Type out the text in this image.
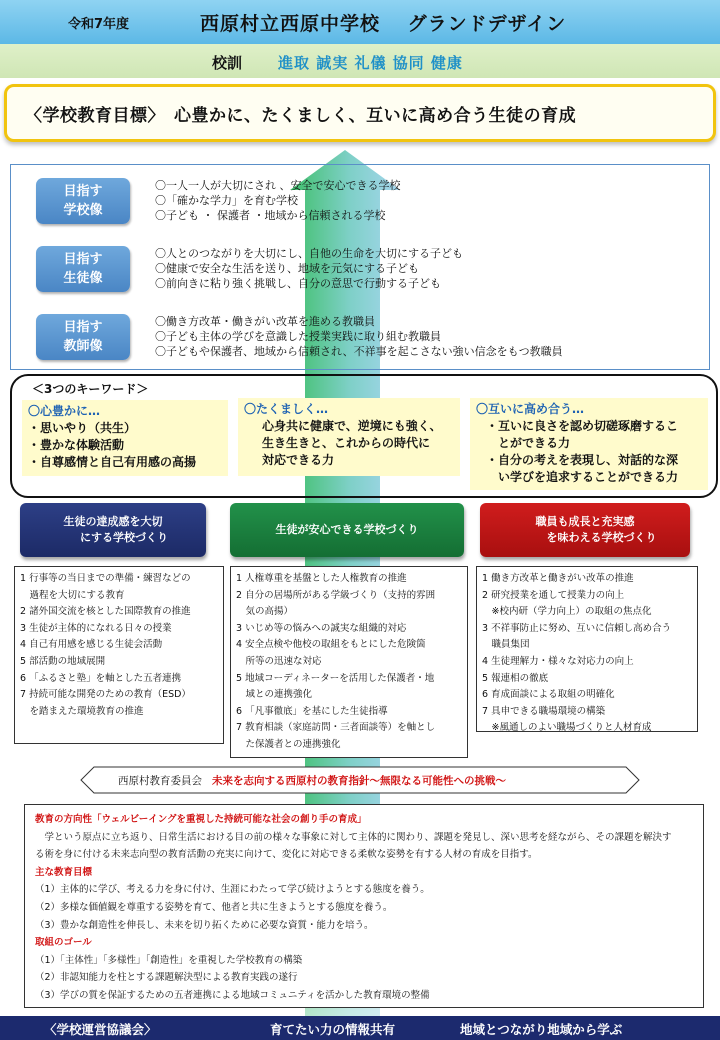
令和7年度	西原村立西原中学校　 グランドデザイン
校訓 進取 誠実 礼儀 協同 健康
〈学校教育目標〉　心豊かに、たくましく、互いに高め合う生徒の育成
目指す
学校像
〇一人一人が大切にされ 、安全で安心できる学校
〇「確かな学力」を育む学校
〇子ども ・ 保護者 ・地域から信頼される学校
目指す
生徒像
〇人とのつながりを大切にし、自他の生命を大切にする子ども
〇健康で安全な生活を送り、地域を元気にする子ども
〇前向きに粘り強く挑戦し、自分の意思で行動する子ども
目指す
教師像
〇働き方改革・働きがい改革を進める教職員
〇子ども主体の学びを意識した授業実践に取り組む教職員
〇子どもや保護者、地域から信頼され、不祥事を起こさない強い信念をもつ教職員
＜3つのキーワード＞
〇心豊かに…
・思いやり（共生）
・豊かな体験活動
・自尊感情と自己有用感の高揚
〇たくましく…
心身共に健康で、逆境にも強く、
生き生きと、これからの時代に
対応できる力
〇互いに高め合う…
・互いに良さを認め切磋琢磨するこ
　とができる力
・自分の考えを表現し、対話的な深
　い学びを追求することができる力
生徒の達成感を大切
　　にする学校づくり
生徒が安心できる学校づくり
職員も成長と充実感
　　　を味わえる学校づくり
1 行事等の当日までの準備・練習などの
　過程を大切にする教育
2 諸外国交流を核とした国際教育の推進
3 生徒が主体的になれる日々の授業
4 自己有用感を感じる生徒会活動
5 部活動の地域展開
6 「ふるさと塾」を軸とした五者連携
7 持続可能な開発のための教育（ESD）
　を踏まえた環境教育の推進
1 人権尊重を基盤とした人権教育の推進
2 自分の居場所がある学級づくり（支持的雰囲
　気の高揚）
3 いじめ等の悩みへの誠実な組織的対応
4 安全点検や他校の取組をもとにした危険箇
　所等の迅速な対応
5 地域コーディネーターを活用した保護者・地
　域との連携強化
6 「凡事徹底」を基にした生徒指導
7 教育相談（家庭訪問・三者面談等）を軸とし
　た保護者との連携強化
1 働き方改革と働きがい改革の推進
2 研究授業を通して授業力の向上
　※校内研（学力向上）の取組の焦点化
3 不祥事防止に努め、互いに信頼し高め合う
　職員集団
4 生徒理解力・様々な対応力の向上
5 報連相の徹底
6 育成面談による取組の明確化
7 具申できる職場環境の構築
　※風通しのよい職場づくりと人材育成
西原村教育委員会 未来を志向する西原村の教育指針～無限なる可能性への挑戦～
教育の方向性「ウェルビーイングを重視した持続可能な社会の創り手の育成」
　学という原点に立ち返り、日常生活における目の前の様々な事象に対して主体的に関わり、課題を発見し、深い思考を経ながら、その課題を解決す
る術を身に付ける未来志向型の教育活動の充実に向けて、変化に対応できる柔軟な姿勢を有する人材の育成を目指す。
主な教育目標
（1）主体的に学び、考える力を身に付け、生涯にわたって学び続けようとする態度を養う。
（2）多様な価値観を尊重する姿勢を育て、他者と共に生きようとする態度を養う。
（3）豊かな創造性を伸長し、未来を切り拓くために必要な資質・能力を培う。
取組のゴール
（1）「主体性」「多様性」「創造性」を重視した学校教育の構築
（2）非認知能力を柱とする課題解決型による教育実践の遂行
（3）学びの質を保証するための五者連携による地域コミュニティを活かした教育環境の整備
〈学校運営協議会〉	育てたい力の情報共有	地域とつながり地域から学ぶ
